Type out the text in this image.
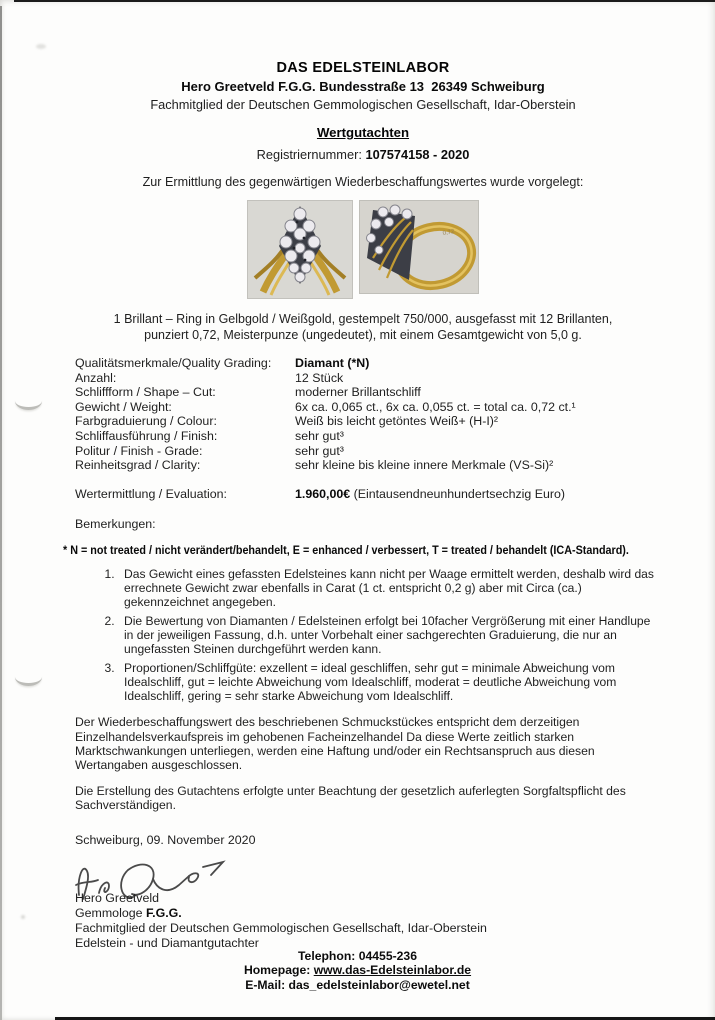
DAS EDELSTEINLABOR
Hero Greetveld F.G.G. Bundesstraße 13  26349 Schweiburg
Fachmitglied der Deutschen Gemmologischen Gesellschaft, Idar-Oberstein
Wertgutachten
Registriernummer: 107574158 - 2020
Zur Ermittlung des gegenwärtigen Wiederbeschaffungswertes wurde vorgelegt:
0,72
1 Brillant – Ring in Gelbgold / Weißgold, gestempelt 750/000, ausgefasst mit 12 Brillanten,
punziert 0,72, Meisterpunze (ungedeutet), mit einem Gesamtgewicht von 5,0 g.
Qualitätsmerkmale/Quality Grading:	Diamant (*N)
Anzahl:	12 Stück
Schliffform / Shape – Cut:	moderner Brillantschliff
Gewicht / Weight:	6x ca. 0,065 ct., 6x ca. 0,055 ct. = total ca. 0,72 ct.¹
Farbgraduierung / Colour:	Weiß bis leicht getöntes Weiß+ (H-I)²
Schliffausführung / Finish:	sehr gut³
Politur / Finish - Grade:	sehr gut³
Reinheitsgrad / Clarity:	sehr kleine bis kleine innere Merkmale (VS-Si)²
Wertermittlung / Evaluation:	1.960,00€ (Eintausendneunhundertsechzig Euro)
Bemerkungen:
* N = not treated / nicht verändert/behandelt, E = enhanced / verbessert, T = treated / behandelt (ICA-Standard).
1. Das Gewicht eines gefassten Edelsteines kann nicht per Waage ermittelt werden, deshalb wird das errechnete Gewicht zwar ebenfalls in Carat (1 ct. entspricht 0,2 g) aber mit Circa (ca.) gekennzeichnet angegeben.
2. Die Bewertung von Diamanten / Edelsteinen erfolgt bei 10facher Vergrößerung mit einer Handlupe in der jeweiligen Fassung, d.h. unter Vorbehalt einer sachgerechten Graduierung, die nur an ungefassten Steinen durchgeführt werden kann.
3. Proportionen/Schliffgüte: exzellent = ideal geschliffen, sehr gut = minimale Abweichung vom Idealschliff, gut = leichte Abweichung vom Idealschliff, moderat = deutliche Abweichung vom Idealschliff, gering = sehr starke Abweichung vom Idealschliff.
Der Wiederbeschaffungswert des beschriebenen Schmuckstückes entspricht dem derzeitigen Einzelhandelsverkaufspreis im gehobenen Facheinzelhandel Da diese Werte zeitlich starken Marktschwankungen unterliegen, werden eine Haftung und/oder ein Rechtsanspruch aus diesen Wertangaben ausgeschlossen.
Die Erstellung des Gutachtens erfolgte unter Beachtung der gesetzlich auferlegten Sorgfaltspflicht des Sachverständigen.
Schweiburg, 09. November 2020
Hero Greetveld
Gemmologe F.G.G.
Fachmitglied der Deutschen Gemmologischen Gesellschaft, Idar-Oberstein
Edelstein - und Diamantgutachter
Telephon: 04455-236
Homepage: www.das-Edelsteinlabor.de
E-Mail: das_edelsteinlabor@ewetel.net
